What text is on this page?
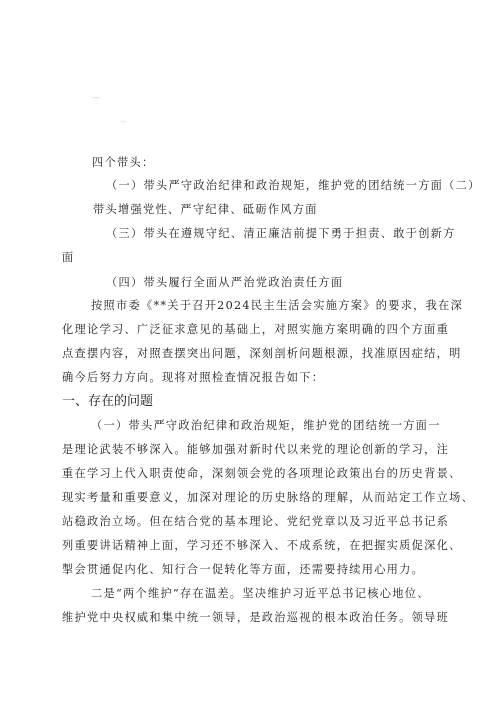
四个带头：
（一）带头严守政治纪律和政治规矩，维护党的团结统一方面（二）
带头增强党性、严守纪律、砥砺作风方面
（三）带头在遵规守纪、清正廉洁前提下勇于担责、敢于创新方
面
（四）带头履行全面从严治党政治责任方面
按照市委《**关于召开2024民主生活会实施方案》的要求，我在深
化理论学习、广泛征求意见的基础上，对照实施方案明确的四个方面重
点查摆内容，对照查摆突出问题，深刻剖析问题根源，找准原因症结，明
确今后努力方向。现将对照检查情况报告如下：
一、存在的问题
（一）带头严守政治纪律和政治规矩，维护党的团结统一方面一
是理论武装不够深入。能够加强对新时代以来党的理论创新的学习，注
重在学习上代入职责使命，深刻领会党的各项理论政策出台的历史背景、
现实考量和重要意义，加深对理论的历史脉络的理解，从而站定工作立场、
站稳政治立场。但在结合党的基本理论、党纪党章以及习近平总书记系
列重要讲话精神上面，学习还不够深入、不成系统，在把握实质促深化、
掣会贯通促内化、知行合一促转化等方面，还需要持续用心用力。
二是“两个维护”存在温差。坚决维护习近平总书记核心地位、
维护党中央权威和集中统一领导，是政治巡视的根本政治任务。领导班
